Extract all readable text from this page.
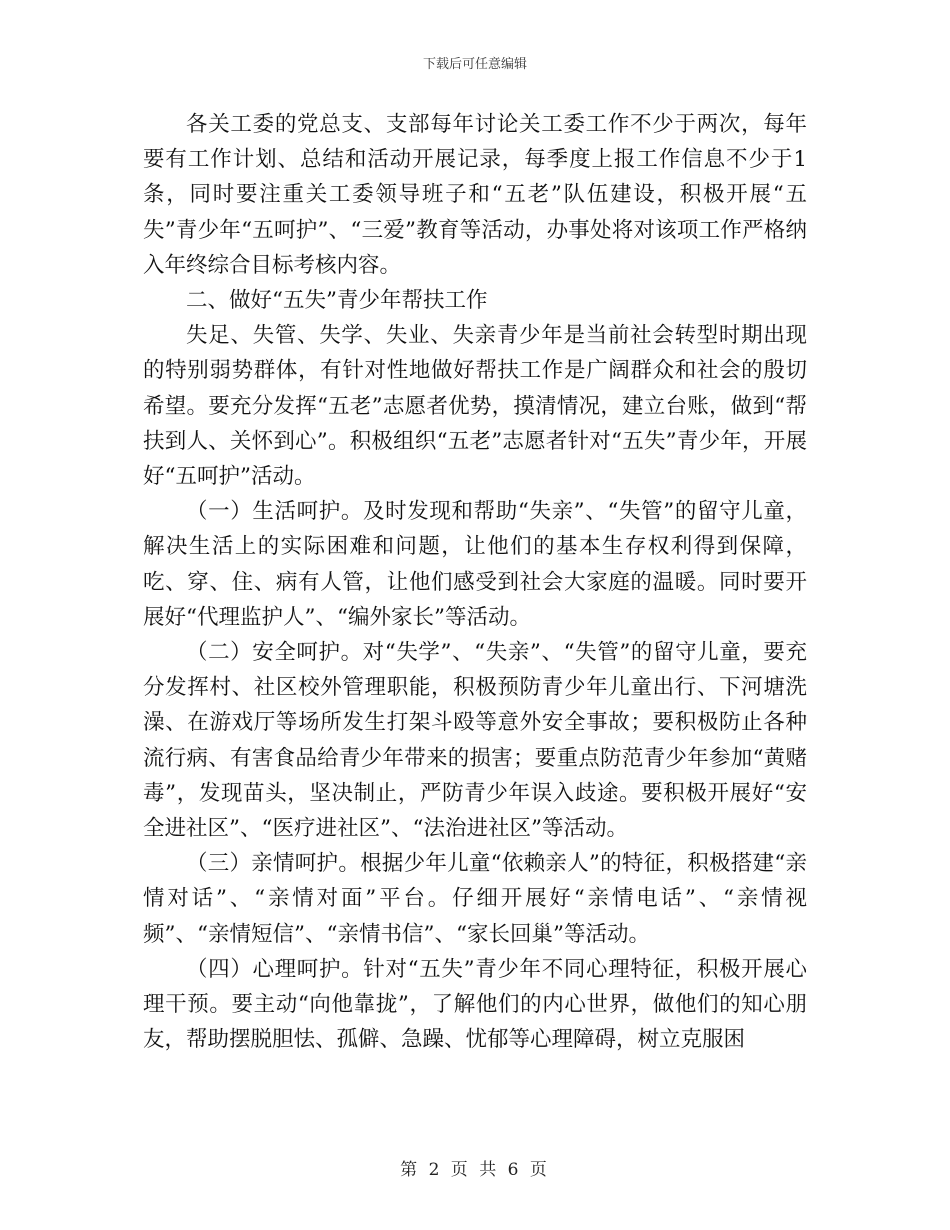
下载后可任意编辑

各关工委的党总支、支部每年讨论关工委工作不少于两次，每年要有工作计划、总结和活动开展记录，每季度上报工作信息不少于1条，同时要注重关工委领导班子和“五老”队伍建设，积极开展“五失”青少年“五呵护”、“三爱”教育等活动，办事处将对该项工作严格纳入年终综合目标考核内容。

二、做好“五失”青少年帮扶工作

失足、失管、失学、失业、失亲青少年是当前社会转型时期出现的特别弱势群体，有针对性地做好帮扶工作是广阔群众和社会的殷切希望。要充分发挥“五老”志愿者优势，摸清情况，建立台账，做到“帮扶到人、关怀到心”。积极组织“五老”志愿者针对“五失”青少年，开展好“五呵护”活动。

（一）生活呵护。及时发现和帮助“失亲”、“失管”的留守儿童，解决生活上的实际困难和问题，让他们的基本生存权利得到保障，吃、穿、住、病有人管，让他们感受到社会大家庭的温暖。同时要开展好“代理监护人”、“编外家长”等活动。

（二）安全呵护。对“失学”、“失亲”、“失管”的留守儿童，要充分发挥村、社区校外管理职能，积极预防青少年儿童出行、下河塘洗澡、在游戏厅等场所发生打架斗殴等意外安全事故；要积极防止各种流行病、有害食品给青少年带来的损害；要重点防范青少年参加“黄赌毒”，发现苗头，坚决制止，严防青少年误入歧途。要积极开展好“安全进社区”、“医疗进社区”、“法治进社区”等活动。

（三）亲情呵护。根据少年儿童“依赖亲人”的特征，积极搭建“亲情对话”、“亲情对面”平台。仔细开展好“亲情电话”、“亲情视频”、“亲情短信”、“亲情书信”、“家长回巢”等活动。

（四）心理呵护。针对“五失”青少年不同心理特征，积极开展心理干预。要主动“向他靠拢”，了解他们的内心世界，做他们的知心朋友，帮助摆脱胆怯、孤僻、急躁、忧郁等心理障碍，树立克服困

第 2 页 共 6 页
